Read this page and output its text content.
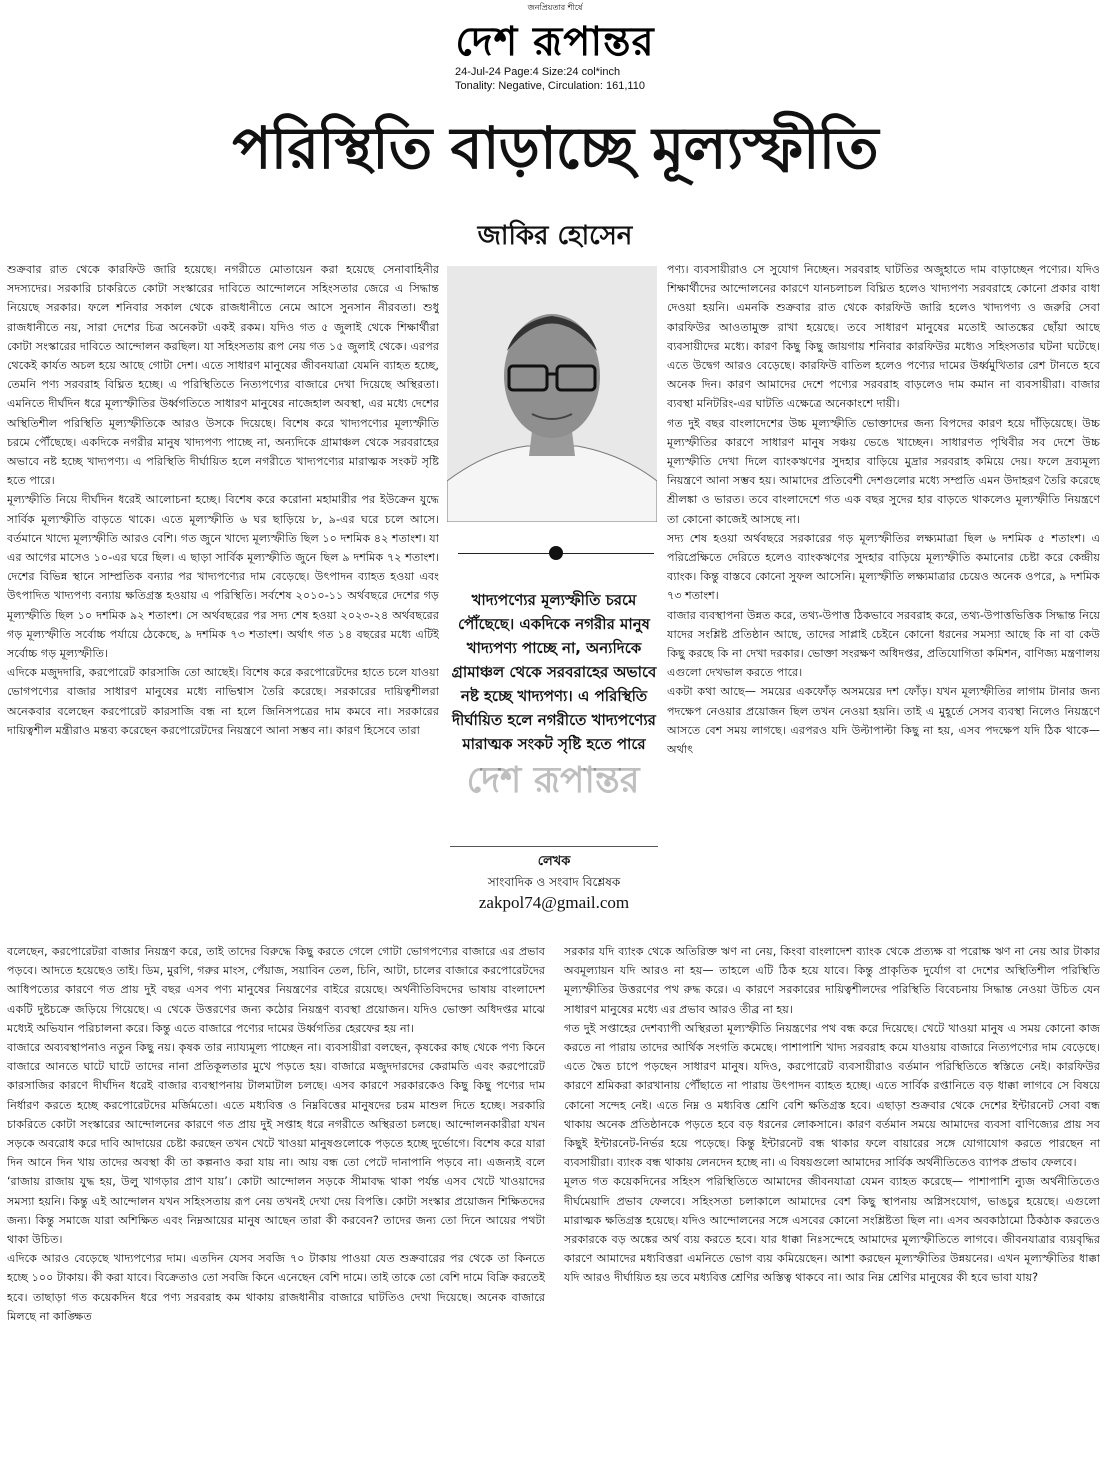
জনপ্রিয়তার শীর্ষে
দেশ রূপান্তর
24-Jul-24 Page:4 Size:24 col*inch
Tonality: Negative, Circulation: 161,110
পরিস্থিতি বাড়াচ্ছে মূল্যস্ফীতি
জাকির হোসেন

শুক্রবার রাত থেকে কারফিউ জারি হয়েছে। নগরীতে মোতায়েন করা হয়েছে সেনাবাহিনীর সদস্যদের। সরকারি চাকরিতে কোটা সংস্কারের দাবিতে আন্দোলনে সহিংসতার জেরে এ সিদ্ধান্ত নিয়েছে সরকার। ফলে শনিবার সকাল থেকে রাজধানীতে নেমে আসে সুনসান নীরবতা। শুধু রাজধানীতে নয়, সারা দেশের চিত্র অনেকটা একই রকম। যদিও গত ৫ জুলাই থেকে শিক্ষার্থীরা কোটা সংস্কারের দাবিতে আন্দোলন করছিল। যা সহিংসতায় রূপ নেয় গত ১৫ জুলাই থেকে। এরপর থেকেই কার্যত অচল হয়ে আছে গোটা দেশ। এতে সাধারণ মানুষের জীবনযাত্রা যেমনি ব্যাহত হচ্ছে, তেমনি পণ্য সরবরাহ বিঘ্নিত হচ্ছে। এ পরিস্থিতিতে নিত্যপণ্যের বাজারে দেখা দিয়েছে অস্থিরতা। এমনিতে দীর্ঘদিন ধরে মূল্যস্ফীতির উর্ধ্বগতিতে সাধারণ মানুষের নাজেহাল অবস্থা, এর মধ্যে দেশের অস্থিতিশীল পরিস্থিতি মূল্যস্ফীতিকে আরও উসকে দিয়েছে। বিশেষ করে খাদ্যপণ্যের মূল্যস্ফীতি চরমে পৌঁছেছে। একদিকে নগরীর মানুষ খাদ্যপণ্য পাচ্ছে না, অন্যদিকে গ্রামাঞ্চল থেকে সরবরাহের অভাবে নষ্ট হচ্ছে খাদ্যপণ্য। এ পরিস্থিতি দীর্ঘায়িত হলে নগরীতে খাদ্যপণ্যের মারাত্মক সংকট সৃষ্টি হতে পারে।

মূল্যস্ফীতি নিয়ে দীর্ঘদিন ধরেই আলোচনা হচ্ছে। বিশেষ করে করোনা মহামারীর পর ইউক্রেন যুদ্ধে সার্বিক মূল্যস্ফীতি বাড়তে থাকে। এতে মূল্যস্ফীতি ৬ ঘর ছাড়িয়ে ৮, ৯-এর ঘরে চলে আসে। বর্তমানে খাদ্যে মূল্যস্ফীতি আরও বেশি। গত জুনে খাদ্যে মূল্যস্ফীতি ছিল ১০ দশমিক ৪২ শতাংশ। যা এর আগের মাসেও ১০-এর ঘরে ছিল। এ ছাড়া সার্বিক মূল্যস্ফীতি জুনে ছিল ৯ দশমিক ৭২ শতাংশ। দেশের বিভিন্ন স্থানে সাম্প্রতিক বন্যার পর খাদ্যপণ্যের দাম বেড়েছে। উৎপাদন ব্যাহত হওয়া এবং উৎপাদিত খাদ্যপণ্য বন্যায় ক্ষতিগ্রস্ত হওয়ায় এ পরিস্থিতি। সর্বশেষ ২০১০-১১ অর্থবছরে দেশের গড় মূল্যস্ফীতি ছিল ১০ দশমিক ৯২ শতাংশ। সে অর্থবছরের পর সদ্য শেষ হওয়া ২০২৩-২৪ অর্থবছরের গড় মূল্যস্ফীতি সর্বোচ্চ পর্যায়ে ঠেকেছে, ৯ দশমিক ৭৩ শতাংশ। অর্থাৎ গত ১৪ বছরের মধ্যে এটিই সর্বোচ্চ গড় মূল্যস্ফীতি।

এদিকে মজুদদারি, করপোরেট কারসাজি তো আছেই। বিশেষ করে করপোরেটদের হাতে চলে যাওয়া ভোগপণ্যের বাজার সাধারণ মানুষের মধ্যে নাভিশ্বাস তৈরি করেছে। সরকারের দায়িত্বশীলরা অনেকবার বলেছেন করপোরেট কারসাজি বন্ধ না হলে জিনিসপত্রের দাম কমবে না। সরকারের দায়িত্বশীল মন্ত্রীরাও মন্তব্য করেছেন করপোরেটদের নিয়ন্ত্রণে আনা সম্ভব না। কারণ হিসেবে তারা

খাদ্যপণ্যের মূল্যস্ফীতি চরমে পৌঁছেছে। একদিকে নগরীর মানুষ খাদ্যপণ্য পাচ্ছে না, অন্যদিকে গ্রামাঞ্চল থেকে সরবরাহের অভাবে নষ্ট হচ্ছে খাদ্যপণ্য। এ পরিস্থিতি দীর্ঘায়িত হলে নগরীতে খাদ্যপণ্যের মারাত্মক সংকট সৃষ্টি হতে পারে
দেশ রূপান্তর
লেখক
সাংবাদিক ও সংবাদ বিশ্লেষক
zakpol74@gmail.com

পণ্য। ব্যবসায়ীরাও সে সুযোগ নিচ্ছেন। সরবরাহ ঘাটতির অজুহাতে দাম বাড়াচ্ছেন পণ্যের। যদিও শিক্ষার্থীদের আন্দোলনের কারণে যানচলাচল বিঘ্নিত হলেও খাদ্যপণ্য সরবরাহে কোনো প্রকার বাধা দেওয়া হয়নি। এমনকি শুক্রবার রাত থেকে কারফিউ জারি হলেও খাদ্যপণ্য ও জরুরি সেবা কারফিউর আওতামুক্ত রাখা হয়েছে। তবে সাধারণ মানুষের মতোই আতঙ্কের ছোঁয়া আছে ব্যবসায়ীদের মধ্যে। কারণ কিছু কিছু জায়গায় শনিবার কারফিউর মধ্যেও সহিংসতার ঘটনা ঘটেছে। এতে উদ্বেগ আরও বেড়েছে। কারফিউ বাতিল হলেও পণ্যের দামের উর্ধ্বমুখিতার রেশ টানতে হবে অনেক দিন। কারণ আমাদের দেশে পণ্যের সরবরাহ বাড়লেও দাম কমান না ব্যবসায়ীরা। বাজার ব্যবস্থা মনিটরিং-এর ঘাটতি এক্ষেত্রে অনেকাংশে দায়ী।

গত দুই বছর বাংলাদেশের উচ্চ মূল্যস্ফীতি ভোক্তাদের জন্য বিপদের কারণ হয়ে দাঁড়িয়েছে। উচ্চ মূল্যস্ফীতির কারণে সাধারণ মানুষ সঞ্চয় ভেঙে খাচ্ছেন। সাধারণত পৃথিবীর সব দেশে উচ্চ মূল্যস্ফীতি দেখা দিলে ব্যাংকঋণের সুদহার বাড়িয়ে মুদ্রার সরবরাহ কমিয়ে দেয়। ফলে দ্রব্যমূল্য নিয়ন্ত্রণে আনা সম্ভব হয়। আমাদের প্রতিবেশী দেশগুলোর মধ্যে সম্প্রতি এমন উদাহরণ তৈরি করেছে শ্রীলঙ্কা ও ভারত। তবে বাংলাদেশে গত এক বছর সুদের হার বাড়তে থাকলেও মূল্যস্ফীতি নিয়ন্ত্রণে তা কোনো কাজেই আসছে না।

সদ্য শেষ হওয়া অর্থবছরে সরকারের গড় মূল্যস্ফীতির লক্ষ্যমাত্রা ছিল ৬ দশমিক ৫ শতাংশ। এ পরিপ্রেক্ষিতে দেরিতে হলেও ব্যাংকঋণের সুদহার বাড়িয়ে মূল্যস্ফীতি কমানোর চেষ্টা করে কেন্দ্রীয় ব্যাংক। কিন্তু বাস্তবে কোনো সুফল আসেনি। মূল্যস্ফীতি লক্ষ্যমাত্রার চেয়েও অনেক ওপরে, ৯ দশমিক ৭৩ শতাংশ।

বাজার ব্যবস্থাপনা উন্নত করে, তথ্য-উপাত্ত ঠিকভাবে সরবরাহ করে, তথ্য-উপাত্তভিত্তিক সিদ্ধান্ত নিয়ে যাদের সংশ্লিষ্ট প্রতিষ্ঠান আছে, তাদের সাপ্লাই চেইনে কোনো ধরনের সমস্যা আছে কি না বা কেউ কিছু করছে কি না দেখা দরকার। ভোক্তা সংরক্ষণ অধিদপ্তর, প্রতিযোগিতা কমিশন, বাণিজ্য মন্ত্রণালয় এগুলো দেখভাল করতে পারে।

একটা কথা আছে— সময়ের একফোঁড় অসময়ের দশ ফোঁড়। যখন মূল্যস্ফীতির লাগাম টানার জন্য পদক্ষেপ নেওয়ার প্রয়োজন ছিল তখন নেওয়া হয়নি। তাই এ মুহূর্তে সেসব ব্যবস্থা নিলেও নিয়ন্ত্রণে আসতে বেশ সময় লাগছে। এরপরও যদি উল্টাপাল্টা কিছু না হয়, এসব পদক্ষেপ যদি ঠিক থাকে— অর্থাৎ

বলেছেন, করপোরেটরা বাজার নিয়ন্ত্রণ করে, তাই তাদের বিরুদ্ধে কিছু করতে গেলে গোটা ভোগপণ্যের বাজারে এর প্রভাব পড়বে। আদতে হয়েছেও তাই। ডিম, মুরগি, গরুর মাংস, পেঁয়াজ, সয়াবিন তেল, চিনি, আটা, চালের বাজারে করপোরেটদের আধিপত্যের কারণে গত প্রায় দুই বছর এসব পণ্য মানুষের নিয়ন্ত্রণের বাইরে রয়েছে। অর্থনীতিবিদদের ভাষায় বাংলাদেশ একটি দুষ্টচক্রে জড়িয়ে গিয়েছে। এ থেকে উত্তরণের জন্য কঠোর নিয়ন্ত্রণ ব্যবস্থা প্রয়োজন। যদিও ভোক্তা অধিদপ্তর মাঝে মধ্যেই অভিযান পরিচালনা করে। কিন্তু এতে বাজারে পণ্যের দামের উর্ধ্বগতির হেরফের হয় না।

বাজারে অব্যবস্থাপনাও নতুন কিছু নয়। কৃষক তার ন্যায্যমূল্য পাচ্ছেন না। ব্যবসায়ীরা বলছেন, কৃষকের কাছ থেকে পণ্য কিনে বাজারে আনতে ঘাটে ঘাটে তাদের নানা প্রতিকূলতার মুখে পড়তে হয়। বাজারে মজুদদারদের কেরামতি এবং করপোরেট কারসাজির কারণে দীর্ঘদিন ধরেই বাজার ব্যবস্থাপনায় টালমাটাল চলছে। এসব কারণে সরকারকেও কিছু কিছু পণ্যের দাম নির্ধারণ করতে হচ্ছে করপোরেটদের মর্জিমতো। এতে মধ্যবিত্ত ও নিম্নবিত্তের মানুষদের চরম মাশুল দিতে হচ্ছে। সরকারি চাকরিতে কোটা সংস্কারের আন্দোলনের কারণে গত প্রায় দুই সপ্তাহ ধরে নগরীতে অস্থিরতা চলছে। আন্দোলনকারীরা যখন সড়কে অবরোধ করে দাবি আদায়ের চেষ্টা করছেন তখন খেটে খাওয়া মানুষগুলোকে পড়তে হচ্ছে দুর্ভোগে। বিশেষ করে যারা দিন আনে দিন খায় তাদের অবস্থা কী তা কল্পনাও করা যায় না। আয় বন্ধ তো পেটে দানাপানি পড়বে না। এজন্যই বলে ‘রাজায় রাজায় যুদ্ধ হয়, উলু খাগড়ার প্রাণ যায়’। কোটা আন্দোলন সড়কে সীমাবদ্ধ থাকা পর্যন্ত এসব খেটে খাওয়াদের সমস্যা হয়নি। কিন্তু এই আন্দোলন যখন সহিংসতায় রূপ নেয় তখনই দেখা দেয় বিপত্তি। কোটা সংস্কার প্রয়োজন শিক্ষিতদের জন্য। কিন্তু সমাজে যারা অশিক্ষিত এবং নিম্নআয়ের মানুষ আছেন তারা কী করবেন? তাদের জন্য তো দিনে আয়ের পথটা থাকা উচিত।

এদিকে আরও বেড়েছে খাদ্যপণ্যের দাম। এতদিন যেসব সবজি ৭০ টাকায় পাওয়া যেত শুক্রবারের পর থেকে তা কিনতে হচ্ছে ১০০ টাকায়। কী করা যাবে। বিক্রেতাও তো সবজি কিনে এনেছেন বেশি দামে। তাই তাকে তো বেশি দামে বিক্রি করতেই হবে। তাছাড়া গত কয়েকদিন ধরে পণ্য সরবরাহ কম থাকায় রাজধানীর বাজারে ঘাটতিও দেখা দিয়েছে। অনেক বাজারে মিলছে না কাঙ্ক্ষিত

সরকার যদি ব্যাংক থেকে অতিরিক্ত ঋণ না নেয়, কিংবা বাংলাদেশ ব্যাংক থেকে প্রত্যক্ষ বা পরোক্ষ ঋণ না নেয় আর টাকার অবমূল্যায়ন যদি আরও না হয়— তাহলে এটি ঠিক হয়ে যাবে। কিন্তু প্রাকৃতিক দুর্যোগ বা দেশের অস্থিতিশীল পরিস্থিতি মূল্যস্ফীতির উত্তরণের পথ রুদ্ধ করে। এ কারণে সরকারের দায়িত্বশীলদের পরিস্থিতি বিবেচনায় সিদ্ধান্ত নেওয়া উচিত যেন সাধারণ মানুষের মধ্যে এর প্রভাব আরও তীব্র না হয়।

গত দুই সপ্তাহের দেশব্যাপী অস্থিরতা মূল্যস্ফীতি নিয়ন্ত্রণের পথ বন্ধ করে দিয়েছে। খেটে খাওয়া মানুষ এ সময় কোনো কাজ করতে না পারায় তাদের আর্থিক সংগতি কমেছে। পাশাপাশি খাদ্য সরবরাহ কমে যাওয়ায় বাজারে নিত্যপণ্যের দাম বেড়েছে। এতে দ্বৈত চাপে পড়ছেন সাধারণ মানুষ। যদিও, করপোরেট ব্যবসায়ীরাও বর্তমান পরিস্থিতিতে স্বস্তিতে নেই। কারফিউর কারণে শ্রমিকরা কারখানায় পৌঁছাতে না পারায় উৎপাদন ব্যাহত হচ্ছে। এতে সার্বিক রপ্তানিতে বড় ধাক্কা লাগবে সে বিষয়ে কোনো সন্দেহ নেই। এতে নিম্ন ও মধ্যবিত্ত শ্রেণি বেশি ক্ষতিগ্রস্ত হবে। এছাড়া শুক্রবার থেকে দেশের ইন্টারনেট সেবা বন্ধ থাকায় অনেক প্রতিষ্ঠানকে পড়তে হবে বড় ধরনের লোকসানে। কারণ বর্তমান সময়ে আমাদের ব্যবসা বাণিজ্যের প্রায় সব কিছুই ইন্টারনেট-নির্ভর হয়ে পড়েছে। কিন্তু ইন্টারনেট বন্ধ থাকার ফলে বায়ারের সঙ্গে যোগাযোগ করতে পারছেন না ব্যবসায়ীরা। ব্যাংক বন্ধ থাকায় লেনদেন হচ্ছে না। এ বিষয়গুলো আমাদের সার্বিক অর্থনীতিতেও ব্যাপক প্রভাব ফেলবে।

মূলত গত কয়েকদিনের সহিংস পরিস্থিতিতে আমাদের জীবনযাত্রা যেমন ব্যাহত করেছে— পাশাপাশি ন্যুজ অর্থনীতিতেও দীর্ঘমেয়াদি প্রভাব ফেলবে। সহিংসতা চলাকালে আমাদের বেশ কিছু স্থাপনায় অগ্নিসংযোগ, ভাঙচুর হয়েছে। এগুলো মারাত্মক ক্ষতিগ্রস্ত হয়েছে। যদিও আন্দোলনের সঙ্গে এসবের কোনো সংশ্লিষ্টতা ছিল না। এসব অবকাঠামো ঠিকঠাক করতেও সরকারকে বড় অঙ্কের অর্থ ব্যয় করতে হবে। যার ধাক্কা নিঃসন্দেহে আমাদের মূল্যস্ফীতিতে লাগবে। জীবনযাত্রার ব্যয়বৃদ্ধির কারণে আমাদের মধ্যবিত্তরা এমনিতে ভোগ ব্যয় কমিয়েছেন। আশা করছেন মূল্যস্ফীতির উন্নয়নের। এখন মূল্যস্ফীতির ধাক্কা যদি আরও দীর্ঘায়িত হয় তবে মধ্যবিত্ত শ্রেণির অস্তিত্ব থাকবে না। আর নিম্ন শ্রেণির মানুষের কী হবে ভাবা যায়?
